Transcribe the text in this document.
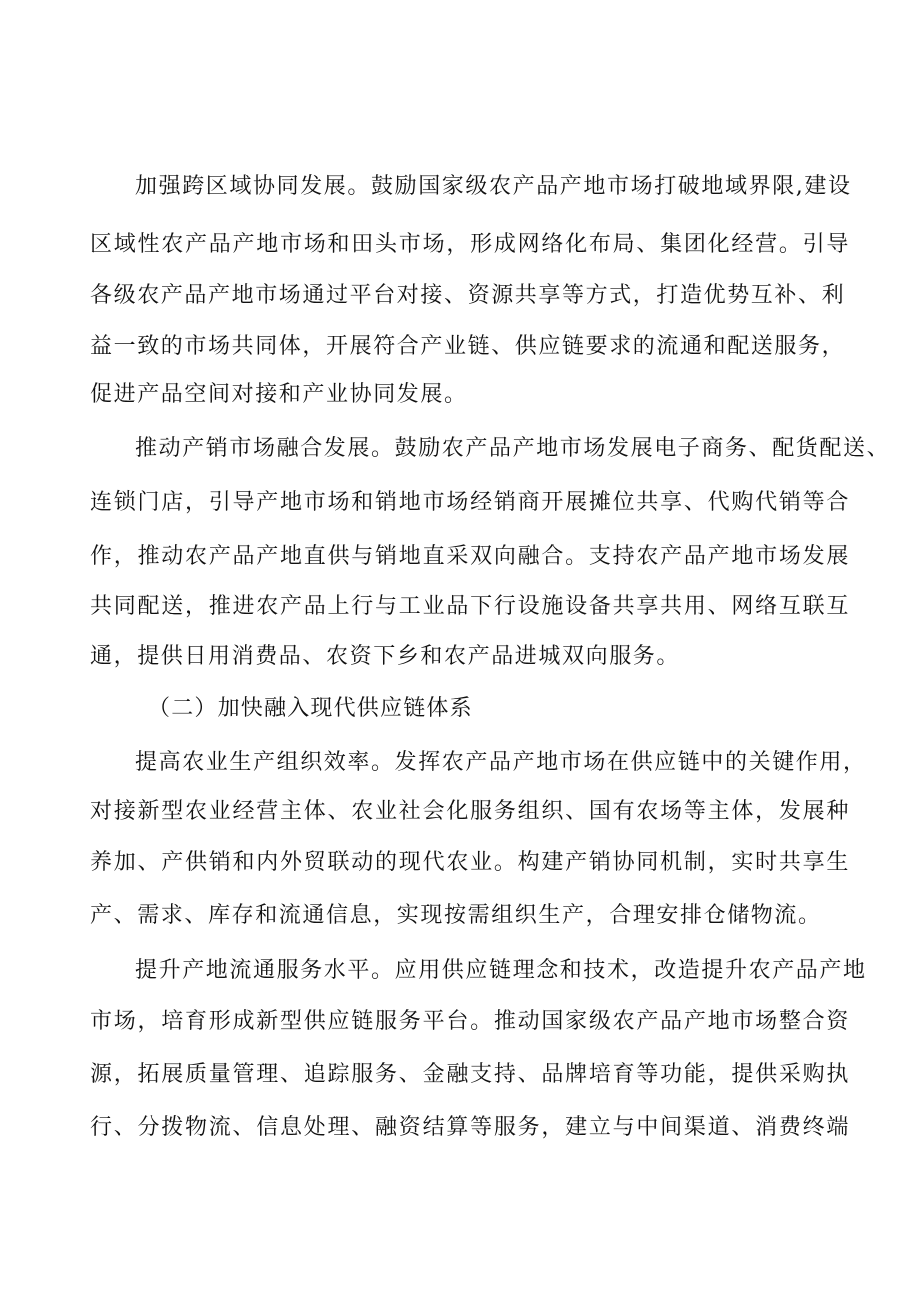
加强跨区域协同发展。鼓励国家级农产品产地市场打破地域界限,建设
区域性农产品产地市场和田头市场，形成网络化布局、集团化经营。引导
各级农产品产地市场通过平台对接、资源共享等方式，打造优势互补、利
益一致的市场共同体，开展符合产业链、供应链要求的流通和配送服务，
促进产品空间对接和产业协同发展。
推动产销市场融合发展。鼓励农产品产地市场发展电子商务、配货配送、
连锁门店，引导产地市场和销地市场经销商开展摊位共享、代购代销等合
作，推动农产品产地直供与销地直采双向融合。支持农产品产地市场发展
共同配送，推进农产品上行与工业品下行设施设备共享共用、网络互联互
通，提供日用消费品、农资下乡和农产品进城双向服务。
（二）加快融入现代供应链体系
提高农业生产组织效率。发挥农产品产地市场在供应链中的关键作用，
对接新型农业经营主体、农业社会化服务组织、国有农场等主体，发展种
养加、产供销和内外贸联动的现代农业。构建产销协同机制，实时共享生
产、需求、库存和流通信息，实现按需组织生产，合理安排仓储物流。
提升产地流通服务水平。应用供应链理念和技术，改造提升农产品产地
市场，培育形成新型供应链服务平台。推动国家级农产品产地市场整合资
源，拓展质量管理、追踪服务、金融支持、品牌培育等功能，提供采购执
行、分拨物流、信息处理、融资结算等服务，建立与中间渠道、消费终端
